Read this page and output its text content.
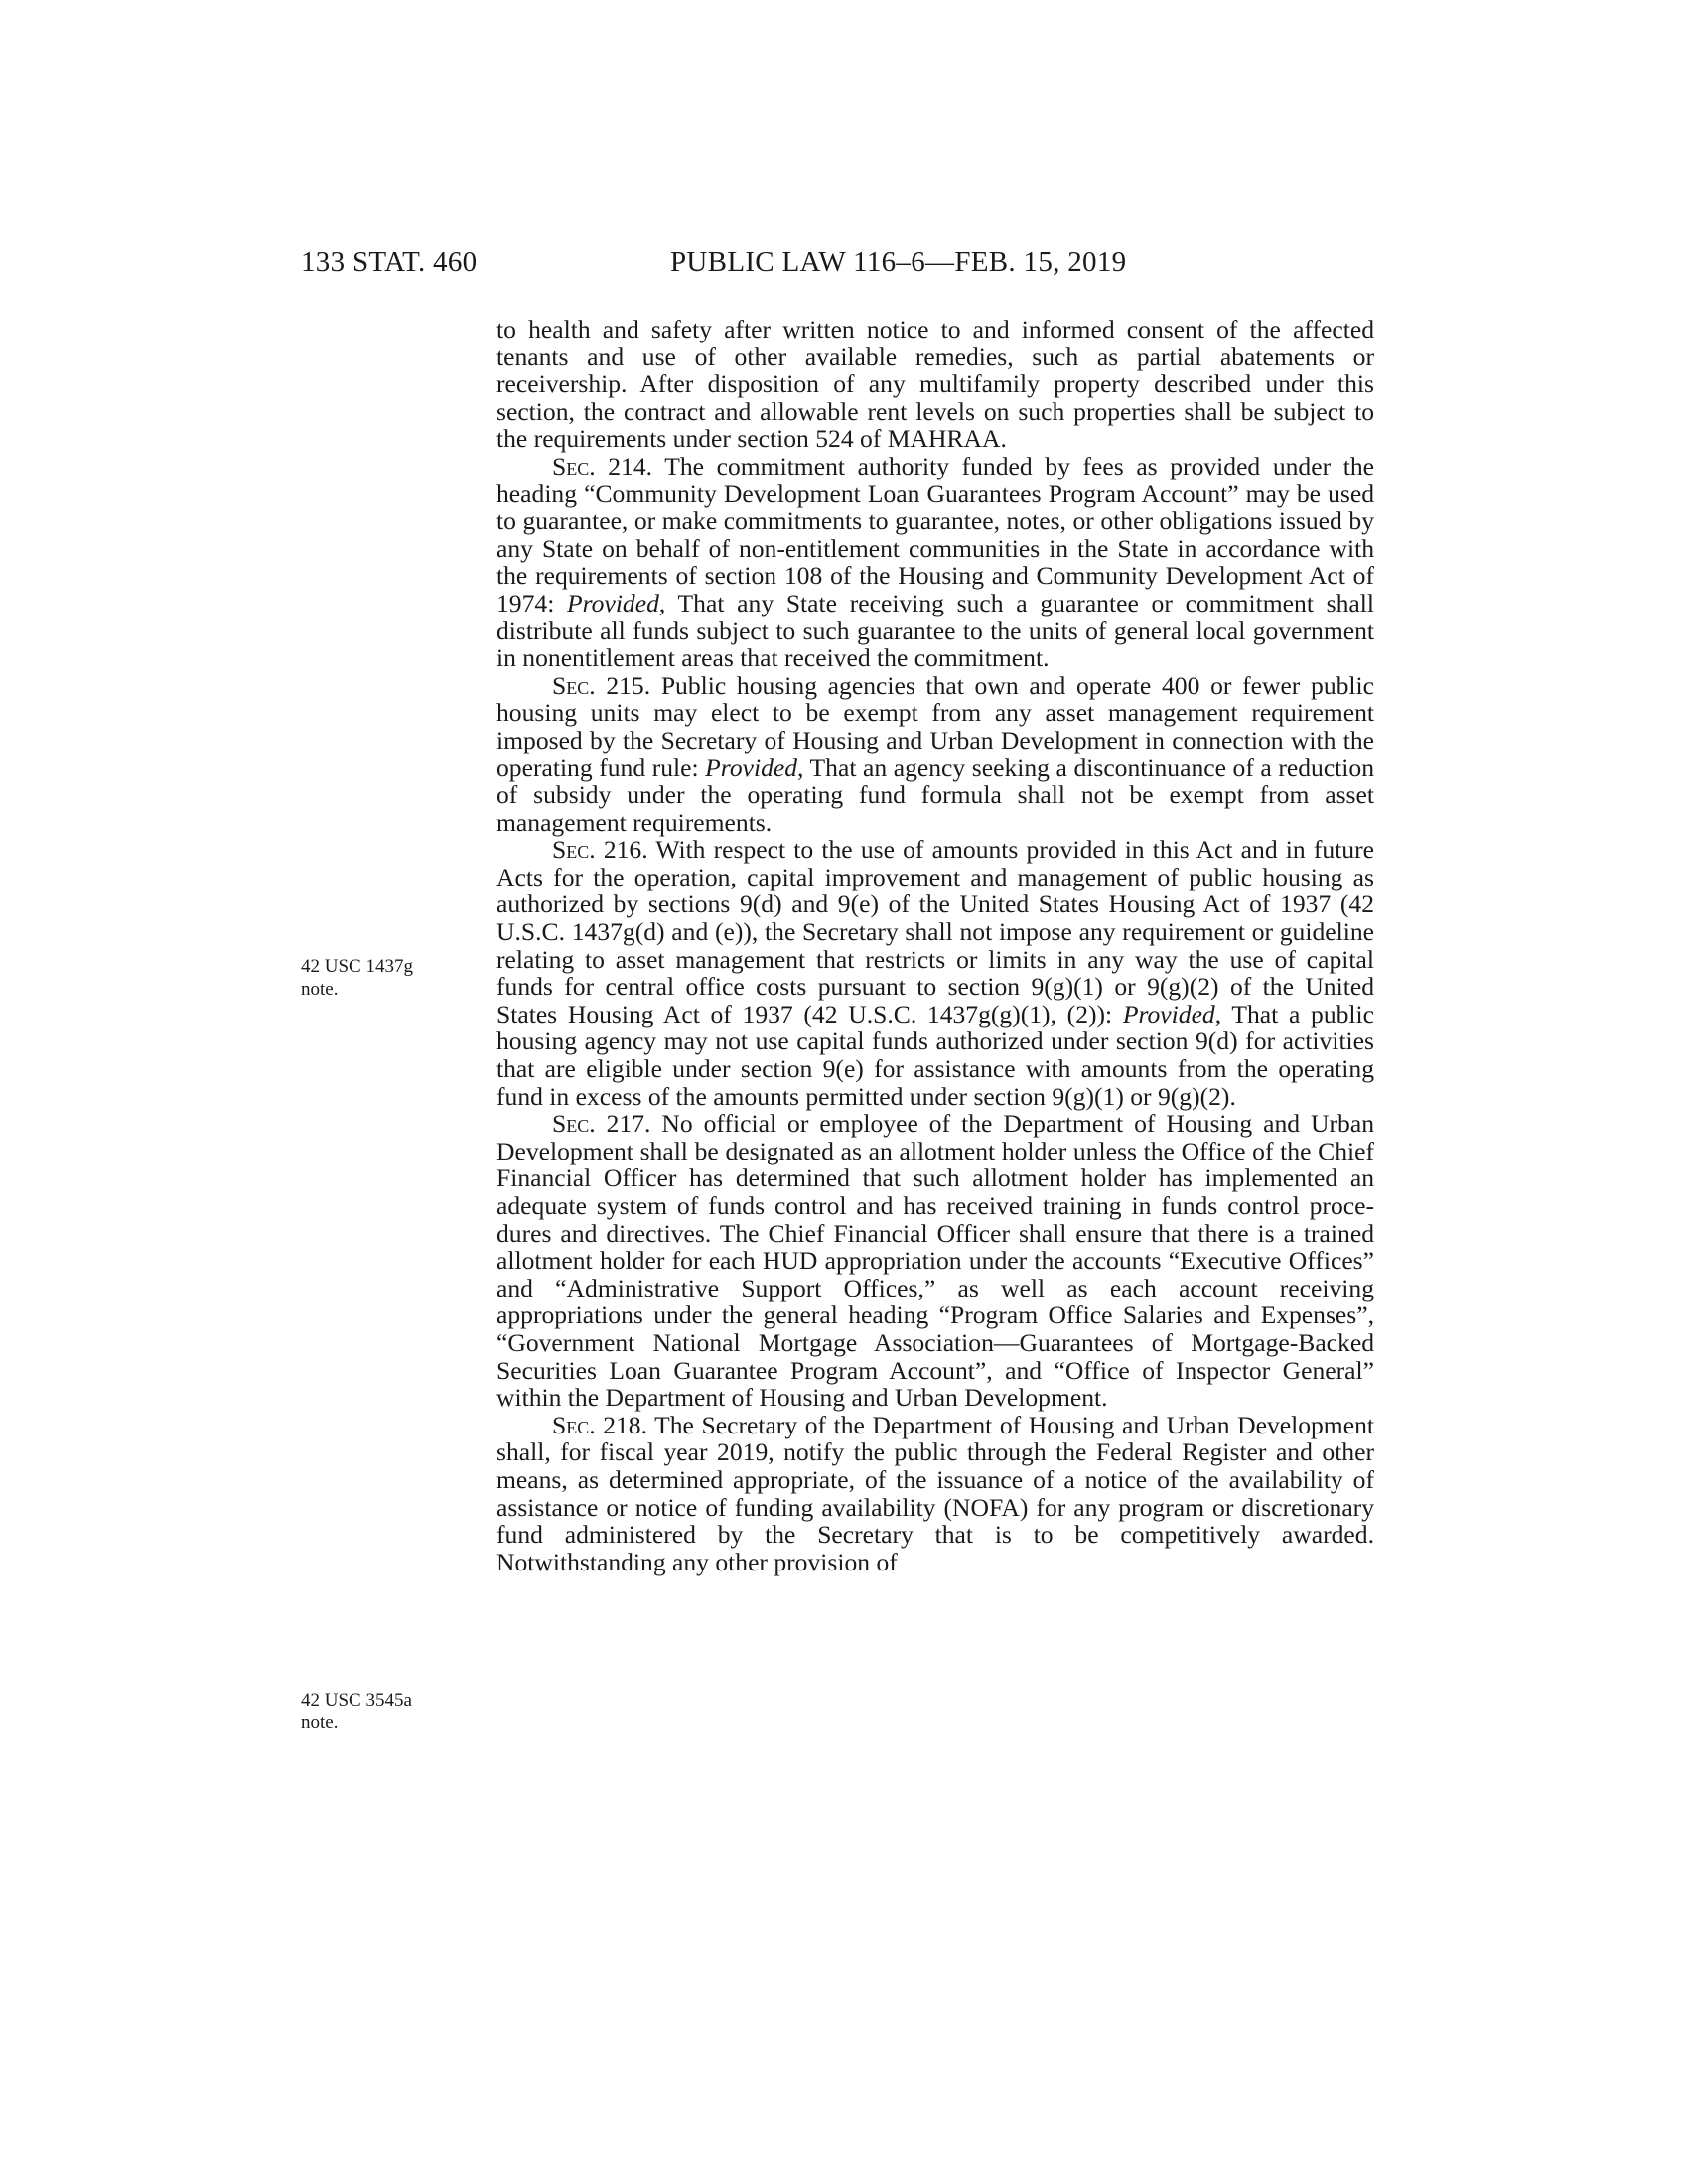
133 STAT. 460	PUBLIC LAW 116–6—FEB. 15, 2019
42 USC 1437g
note.
42 USC 3545a
note.

to health and safety after written notice to and informed consent of the affected tenants and use of other available remedies, such as partial abatements or receivership. After disposition of any multifamily property described under this section, the contract and allowable rent levels on such properties shall be subject to the requirements under section 524 of MAHRAA.

Sec. 214. The commitment authority funded by fees as provided under the heading “Community Development Loan Guarantees Program Account” may be used to guarantee, or make commitments to guarantee, notes, or other obligations issued by any State on behalf of non-entitlement communities in the State in accordance with the requirements of section 108 of the Housing and Community Development Act of 1974: Provided, That any State receiving such a guarantee or commitment shall distribute all funds subject to such guarantee to the units of general local government in nonentitlement areas that received the commitment.

Sec. 215. Public housing agencies that own and operate 400 or fewer public housing units may elect to be exempt from any asset management requirement imposed by the Secretary of Housing and Urban Development in connection with the operating fund rule: Provided, That an agency seeking a discontinuance of a reduction of subsidy under the operating fund formula shall not be exempt from asset management requirements.

Sec. 216. With respect to the use of amounts provided in this Act and in future Acts for the operation, capital improvement and management of public housing as authorized by sections 9(d) and 9(e) of the United States Housing Act of 1937 (42 U.S.C. 1437g(d) and (e)), the Secretary shall not impose any requirement or guideline relating to asset management that restricts or limits in any way the use of capital funds for central office costs pursuant to section 9(g)(1) or 9(g)(2) of the United States Housing Act of 1937 (42 U.S.C. 1437g(g)(1), (2)): Provided, That a public housing agency may not use capital funds authorized under section 9(d) for activities that are eligible under section 9(e) for assistance with amounts from the operating fund in excess of the amounts permitted under section 9(g)(1) or 9(g)(2).

Sec. 217. No official or employee of the Department of Housing and Urban Development shall be designated as an allotment holder unless the Office of the Chief Financial Officer has determined that such allotment holder has implemented an adequate system of funds control and has received training in funds control procedures and directives. The Chief Financial Officer shall ensure that there is a trained allotment holder for each HUD appropriation under the accounts “Executive Offices” and “Administrative Support Offices,” as well as each account receiving appropriations under the general heading “Program Office Salaries and Expenses”, “Government National Mortgage Association—Guarantees of Mortgage-Backed Securities Loan Guarantee Program Account”, and “Office of Inspector General” within the Department of Housing and Urban Development.

Sec. 218. The Secretary of the Department of Housing and Urban Development shall, for fiscal year 2019, notify the public through the Federal Register and other means, as determined appropriate, of the issuance of a notice of the availability of assistance or notice of funding availability (NOFA) for any program or discretionary fund administered by the Secretary that is to be competitively awarded. Notwithstanding any other provision of
